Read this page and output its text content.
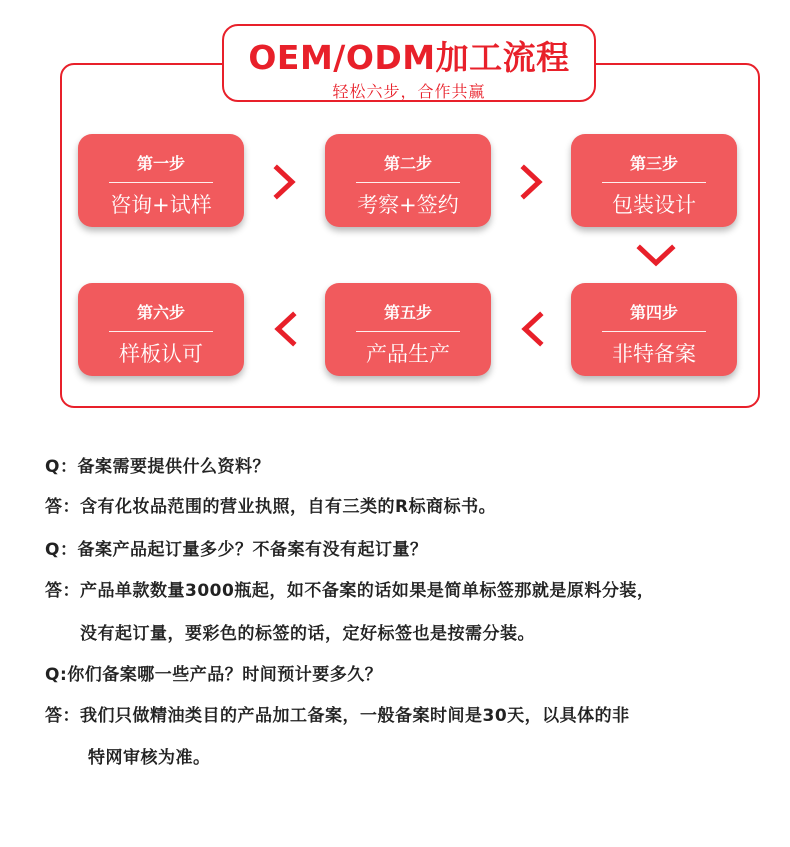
OEM/ODM加工流程
轻松六步，合作共赢
第一步
咨询+试样
第二步
考察+签约
第三步
包装设计
第四步
非特备案
第五步
产品生产
第六步
样板认可
Q：备案需要提供什么资料？
答：含有化妆品范围的营业执照，自有三类的R标商标书。
Q：备案产品起订量多少？不备案有没有起订量？
答：产品单款数量3000瓶起，如不备案的话如果是简单标签那就是原料分装，
没有起订量，要彩色的标签的话，定好标签也是按需分装。
Q:你们备案哪一些产品？时间预计要多久？
答：我们只做精油类目的产品加工备案，一般备案时间是30天，以具体的非
特网审核为准。
